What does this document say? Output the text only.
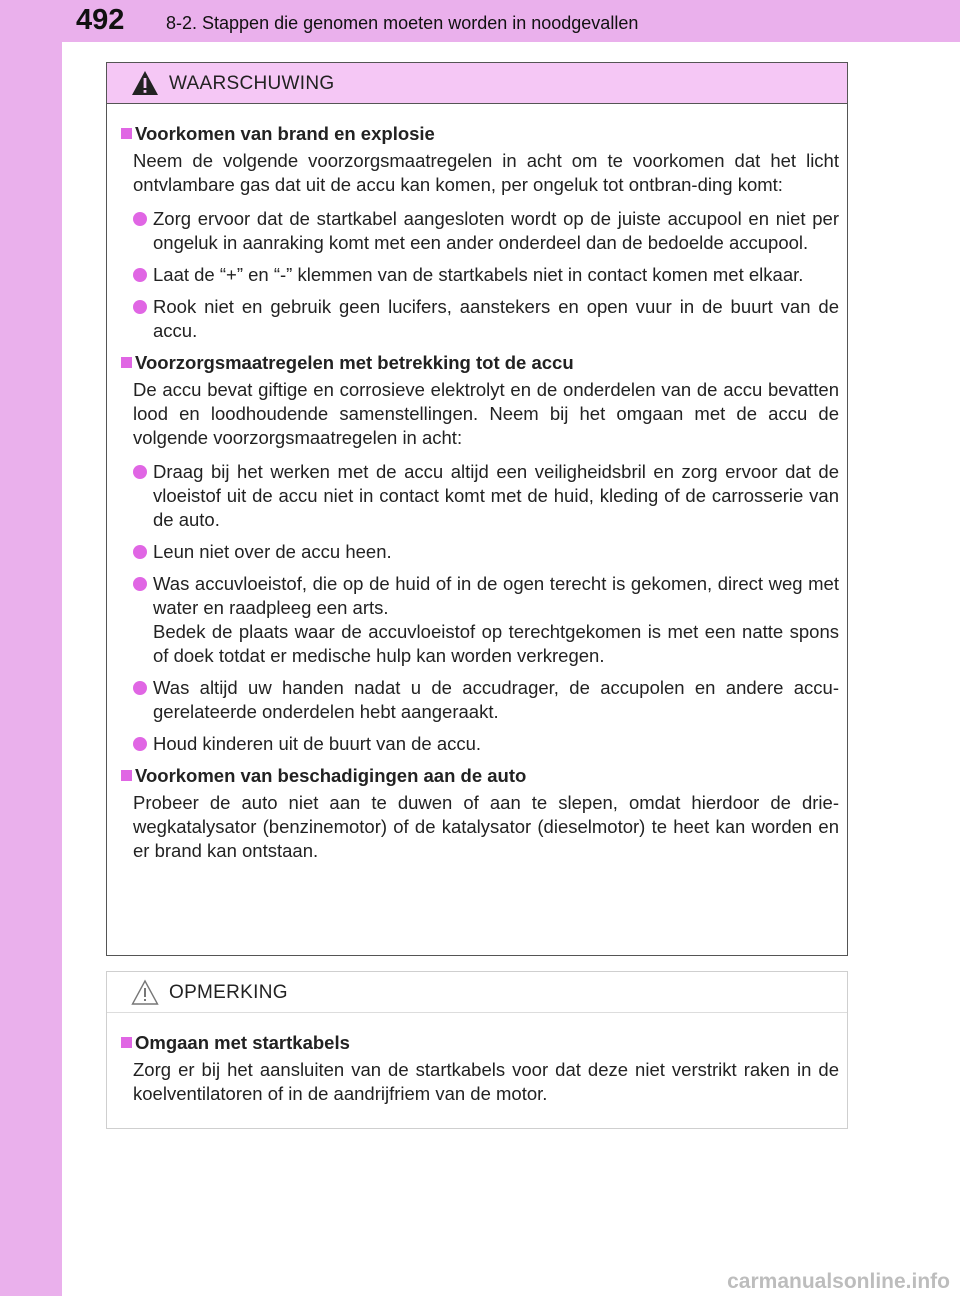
492 8-2. Stappen die genomen moeten worden in noodgevallen
WAARSCHUWING
Voorkomen van brand en explosie
Neem de volgende voorzorgsmaatregelen in acht om te voorkomen dat het licht ontvlambare gas dat uit de accu kan komen, per ongeluk tot ontbran-ding komt:
Zorg ervoor dat de startkabel aangesloten wordt op de juiste accupool en niet per ongeluk in aanraking komt met een ander onderdeel dan de bedoelde accupool.
Laat de “+” en “-” klemmen van de startkabels niet in contact komen met elkaar.
Rook niet en gebruik geen lucifers, aanstekers en open vuur in de buurt van de accu.
Voorzorgsmaatregelen met betrekking tot de accu
De accu bevat giftige en corrosieve elektrolyt en de onderdelen van de accu bevatten lood en loodhoudende samenstellingen. Neem bij het omgaan met de accu de volgende voorzorgsmaatregelen in acht:
Draag bij het werken met de accu altijd een veiligheidsbril en zorg ervoor dat de vloeistof uit de accu niet in contact komt met de huid, kleding of de carrosserie van de auto.
Leun niet over de accu heen.

Was accuvloeistof, die op de huid of in de ogen terecht is gekomen, direct weg met water en raadpleeg een arts.

Bedek de plaats waar de accuvloeistof op terechtgekomen is met een natte spons of doek totdat er medische hulp kan worden verkregen.

Was altijd uw handen nadat u de accudrager, de accupolen en andere accu-gerelateerde onderdelen hebt aangeraakt.
Houd kinderen uit de buurt van de accu.
Voorkomen van beschadigingen aan de auto
Probeer de auto niet aan te duwen of aan te slepen, omdat hierdoor de drie-wegkatalysator (benzinemotor) of de katalysator (dieselmotor) te heet kan worden en er brand kan ontstaan.
OPMERKING
Omgaan met startkabels
Zorg er bij het aansluiten van de startkabels voor dat deze niet verstrikt raken in de koelventilatoren of in de aandrijfriem van de motor.
carmanualsonline.info
